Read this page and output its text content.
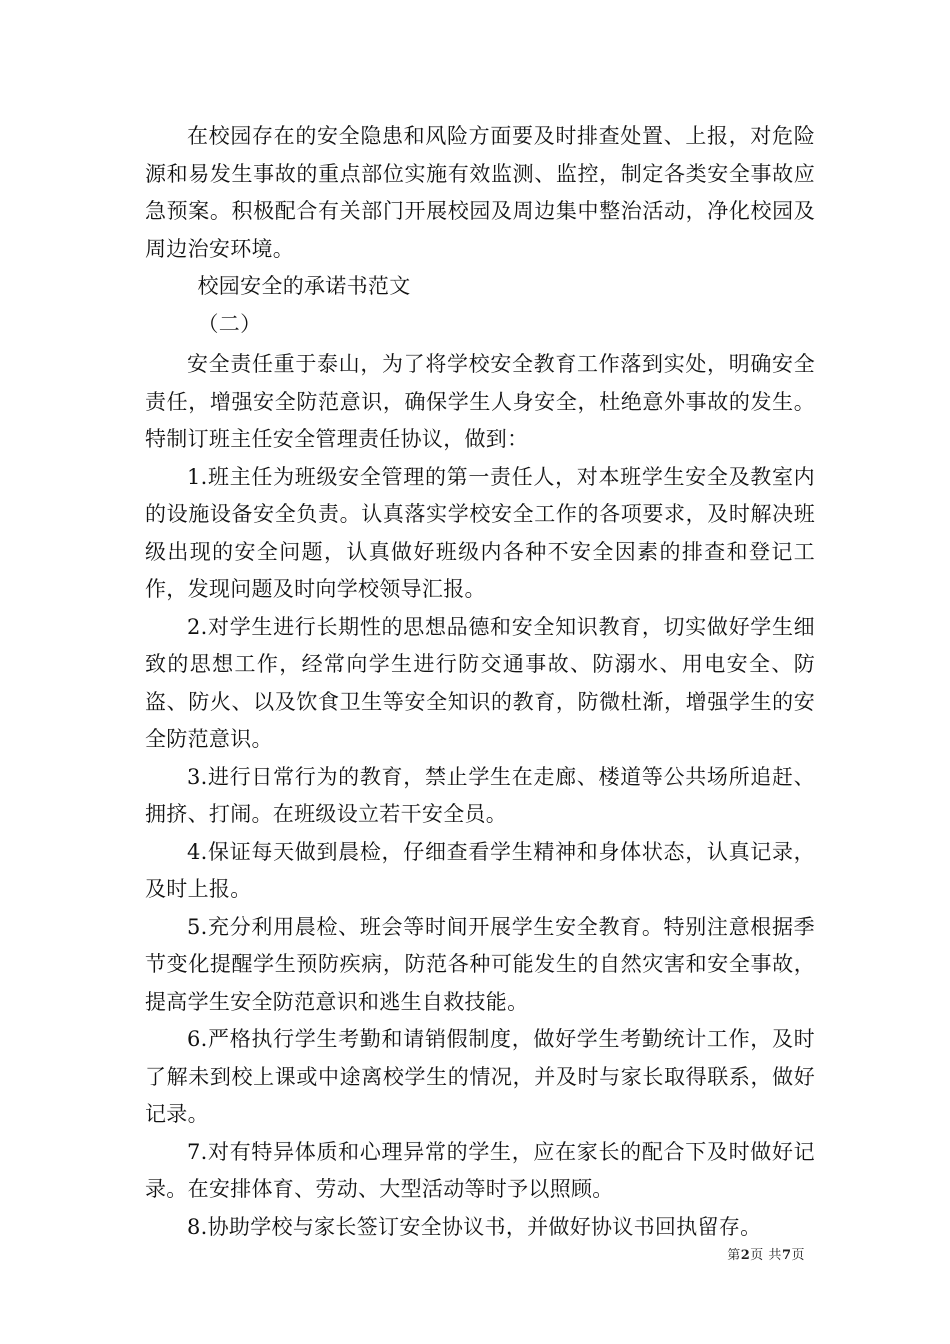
在校园存在的安全隐患和风险方面要及时排查处置、上报，对危险源和易发生事故的重点部位实施有效监测、监控，制定各类安全事故应急预案。积极配合有关部门开展校园及周边集中整治活动，净化校园及周边治安环境。

校园安全的承诺书范文

（二）

安全责任重于泰山，为了将学校安全教育工作落到实处，明确安全责任，增强安全防范意识，确保学生人身安全，杜绝意外事故的发生。特制订班主任安全管理责任协议，做到：

1.班主任为班级安全管理的第一责任人，对本班学生安全及教室内的设施设备安全负责。认真落实学校安全工作的各项要求，及时解决班级出现的安全问题，认真做好班级内各种不安全因素的排查和登记工作，发现问题及时向学校领导汇报。

2.对学生进行长期性的思想品德和安全知识教育，切实做好学生细致的思想工作，经常向学生进行防交通事故、防溺水、用电安全、防盗、防火、以及饮食卫生等安全知识的教育，防微杜渐，增强学生的安全防范意识。

3.进行日常行为的教育，禁止学生在走廊、楼道等公共场所追赶、拥挤、打闹。在班级设立若干安全员。

4.保证每天做到晨检，仔细查看学生精神和身体状态，认真记录，及时上报。

5.充分利用晨检、班会等时间开展学生安全教育。特别注意根据季节变化提醒学生预防疾病，防范各种可能发生的自然灾害和安全事故，提高学生安全防范意识和逃生自救技能。

6.严格执行学生考勤和请销假制度，做好学生考勤统计工作，及时了解未到校上课或中途离校学生的情况，并及时与家长取得联系，做好记录。

7.对有特异体质和心理异常的学生，应在家长的配合下及时做好记录。在安排体育、劳动、大型活动等时予以照顾。

8.协助学校与家长签订安全协议书，并做好协议书回执留存。

第2页 共7页
